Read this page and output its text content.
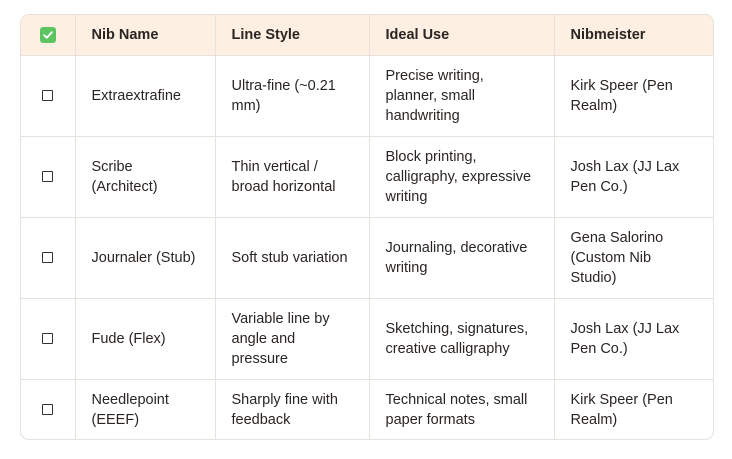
	Nib Name	Line Style	Ideal Use	Nibmeister
	Extraextrafine	Ultra-fine (~0.21 mm)	Precise writing, planner, small handwriting	Kirk Speer (Pen Realm)
	Scribe (Architect)	Thin vertical / broad horizontal	Block printing, calligraphy, expressive writing	Josh Lax (JJ Lax Pen Co.)
	Journaler (Stub)	Soft stub variation	Journaling, decorative writing	Gena Salorino (Custom Nib Studio)
	Fude (Flex)	Variable line by angle and pressure	Sketching, signatures, creative calligraphy	Josh Lax (JJ Lax Pen Co.)
	Needlepoint (EEEF)	Sharply fine with feedback	Technical notes, small paper formats	Kirk Speer (Pen Realm)
